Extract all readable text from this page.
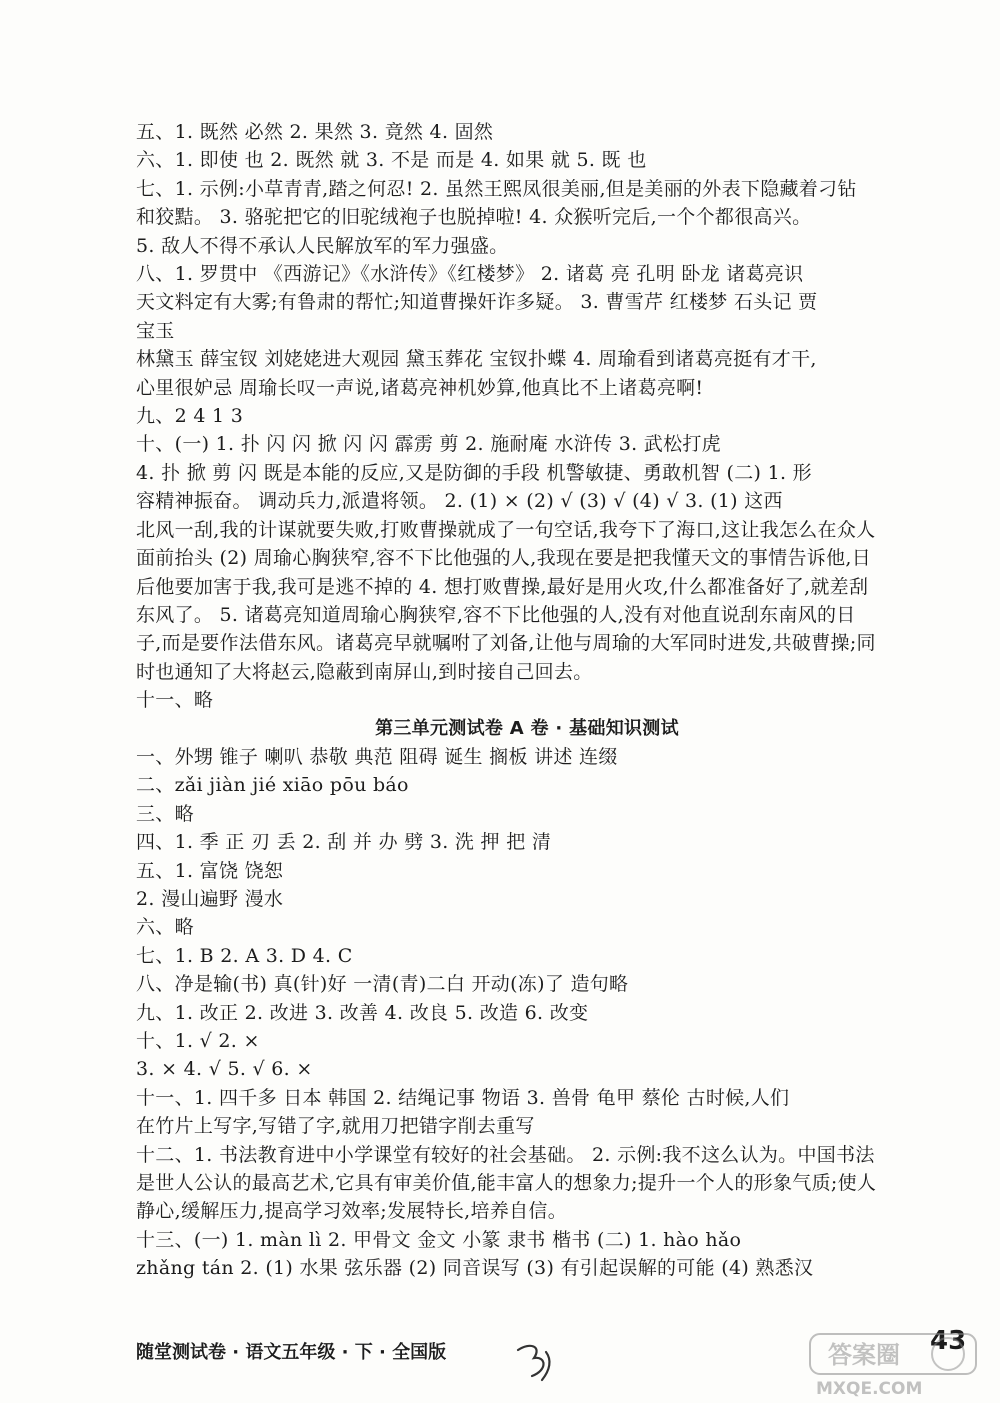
五、1. 既然 必然 2. 果然 3. 竟然 4. 固然
六、1. 即使 也 2. 既然 就 3. 不是 而是 4. 如果 就 5. 既 也
七、1. 示例:小草青青,踏之何忍! 2. 虽然王熙凤很美丽,但是美丽的外表下隐藏着刁钻
和狡黠。 3. 骆驼把它的旧驼绒袍子也脱掉啦! 4. 众猴听完后,一个个都很高兴。
5. 敌人不得不承认人民解放军的军力强盛。
八、1. 罗贯中 《西游记》《水浒传》《红楼梦》 2. 诸葛 亮 孔明 卧龙 诸葛亮识
天文料定有大雾;有鲁肃的帮忙;知道曹操奸诈多疑。 3. 曹雪芹 红楼梦 石头记 贾
宝玉
林黛玉 薛宝钗 刘姥姥进大观园 黛玉葬花 宝钗扑蝶 4. 周瑜看到诸葛亮挺有才干,
心里很妒忌 周瑜长叹一声说,诸葛亮神机妙算,他真比不上诸葛亮啊!
九、2 4 1 3
十、(一) 1. 扑 闪 闪 掀 闪 闪 霹雳 剪 2. 施耐庵 水浒传 3. 武松打虎
4. 扑 掀 剪 闪 既是本能的反应,又是防御的手段 机警敏捷、勇敢机智 (二) 1. 形
容精神振奋。 调动兵力,派遣将领。 2. (1) × (2) √ (3) √ (4) √ 3. (1) 这西
北风一刮,我的计谋就要失败,打败曹操就成了一句空话,我夸下了海口,这让我怎么在众人
面前抬头 (2) 周瑜心胸狭窄,容不下比他强的人,我现在要是把我懂天文的事情告诉他,日
后他要加害于我,我可是逃不掉的 4. 想打败曹操,最好是用火攻,什么都准备好了,就差刮
东风了。 5. 诸葛亮知道周瑜心胸狭窄,容不下比他强的人,没有对他直说刮东南风的日
子,而是要作法借东风。诸葛亮早就嘱咐了刘备,让他与周瑜的大军同时进发,共破曹操;同
时也通知了大将赵云,隐蔽到南屏山,到时接自己回去。
十一、略
第三单元测试卷 A 卷 · 基础知识测试
一、外甥 锥子 喇叭 恭敬 典范 阻碍 诞生 搁板 讲述 连缀
二、zǎi jiàn jié xiāo pōu báo
三、略
四、1. 季 正 刃 丢 2. 刮 并 办 劈 3. 洗 押 把 清
五、1. 富饶 饶恕
2. 漫山遍野 漫水
六、略
七、1. B 2. A 3. D 4. C
八、净是输(书) 真(针)好 一清(青)二白 开动(冻)了 造句略
九、1. 改正 2. 改进 3. 改善 4. 改良 5. 改造 6. 改变
十、1. √ 2. ×
3. × 4. √ 5. √ 6. ×
十一、1. 四千多 日本 韩国 2. 结绳记事 物语 3. 兽骨 龟甲 蔡伦 古时候,人们
在竹片上写字,写错了字,就用刀把错字削去重写
十二、1. 书法教育进中小学课堂有较好的社会基础。 2. 示例:我不这么认为。中国书法
是世人公认的最高艺术,它具有审美价值,能丰富人的想象力;提升一个人的形象气质;使人
静心,缓解压力,提高学习效率;发展特长,培养自信。
十三、(一) 1. màn lì 2. 甲骨文 金文 小篆 隶书 楷书 (二) 1. hào hǎo
zhǎng tán 2. (1) 水果 弦乐器 (2) 同音误写 (3) 有引起误解的可能 (4) 熟悉汉
随堂测试卷 · 语文五年级 · 下 · 全国版	43
答案圈
MXQE.COM
